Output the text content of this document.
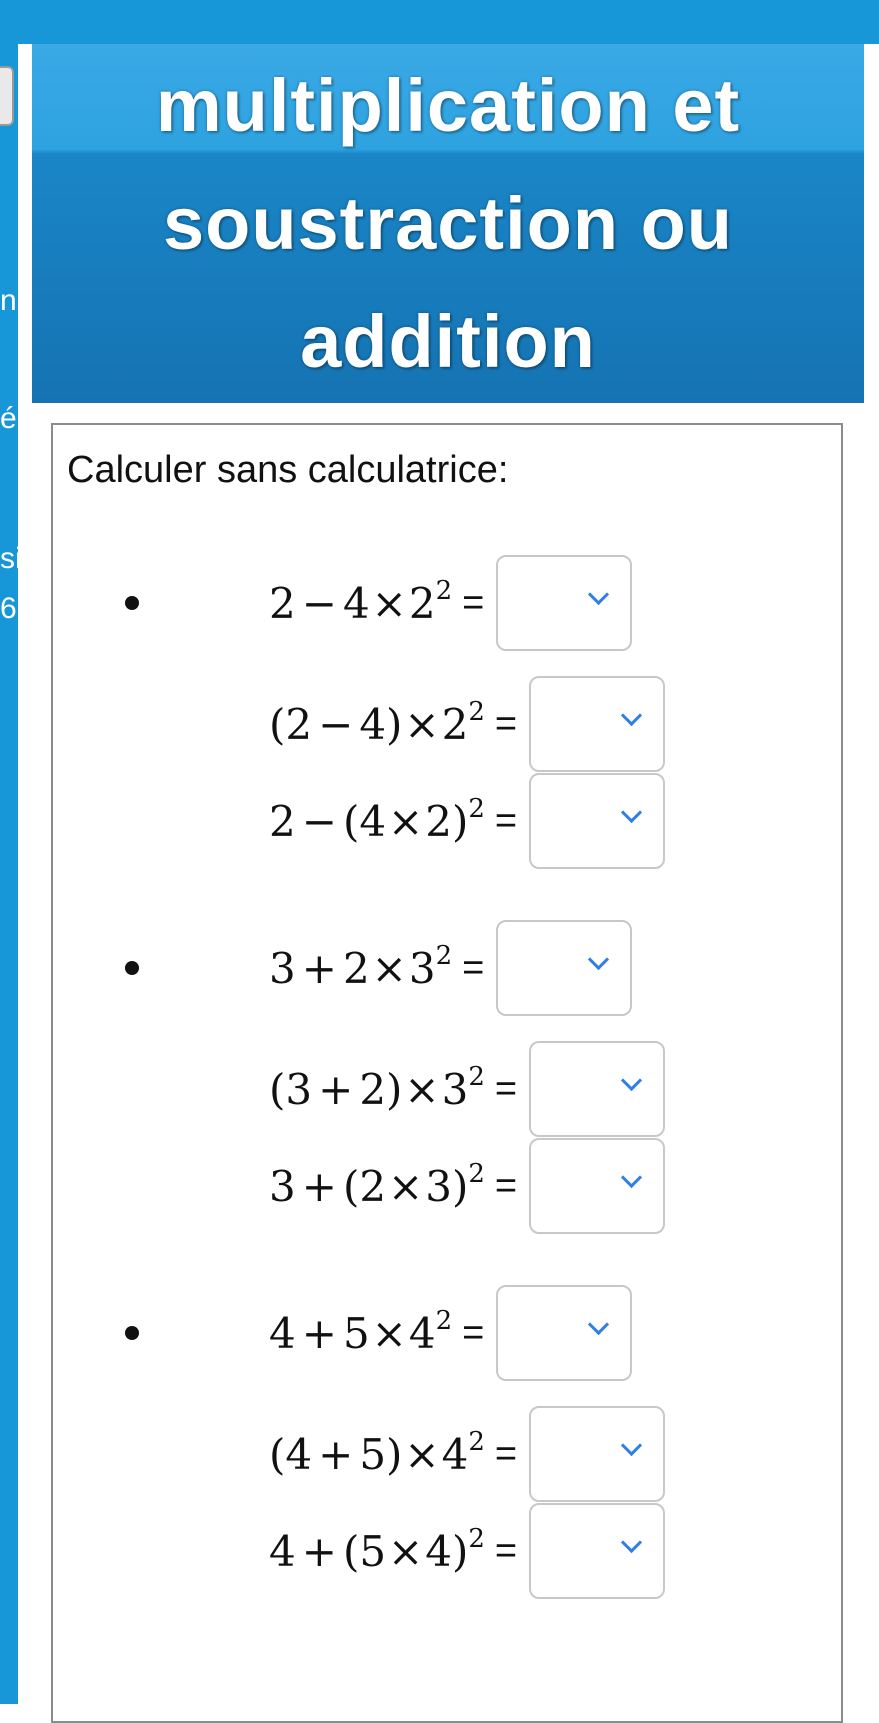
n
é
sit
6
multiplication et soustraction ou addition

Calculer sans calculatrice:

$2 - 4\times 2^2$ =
$(2 - 4)\times 2^2$ =
$2 - (4\times 2)^2$ =
$3 + 2\times 3^2$ =
$(3 + 2)\times 3^2$ =
$3 + (2\times 3)^2$ =
$4 + 5\times 4^2$ =
$(4 + 5)\times 4^2$ =
$4 + (5\times 4)^2$ =
